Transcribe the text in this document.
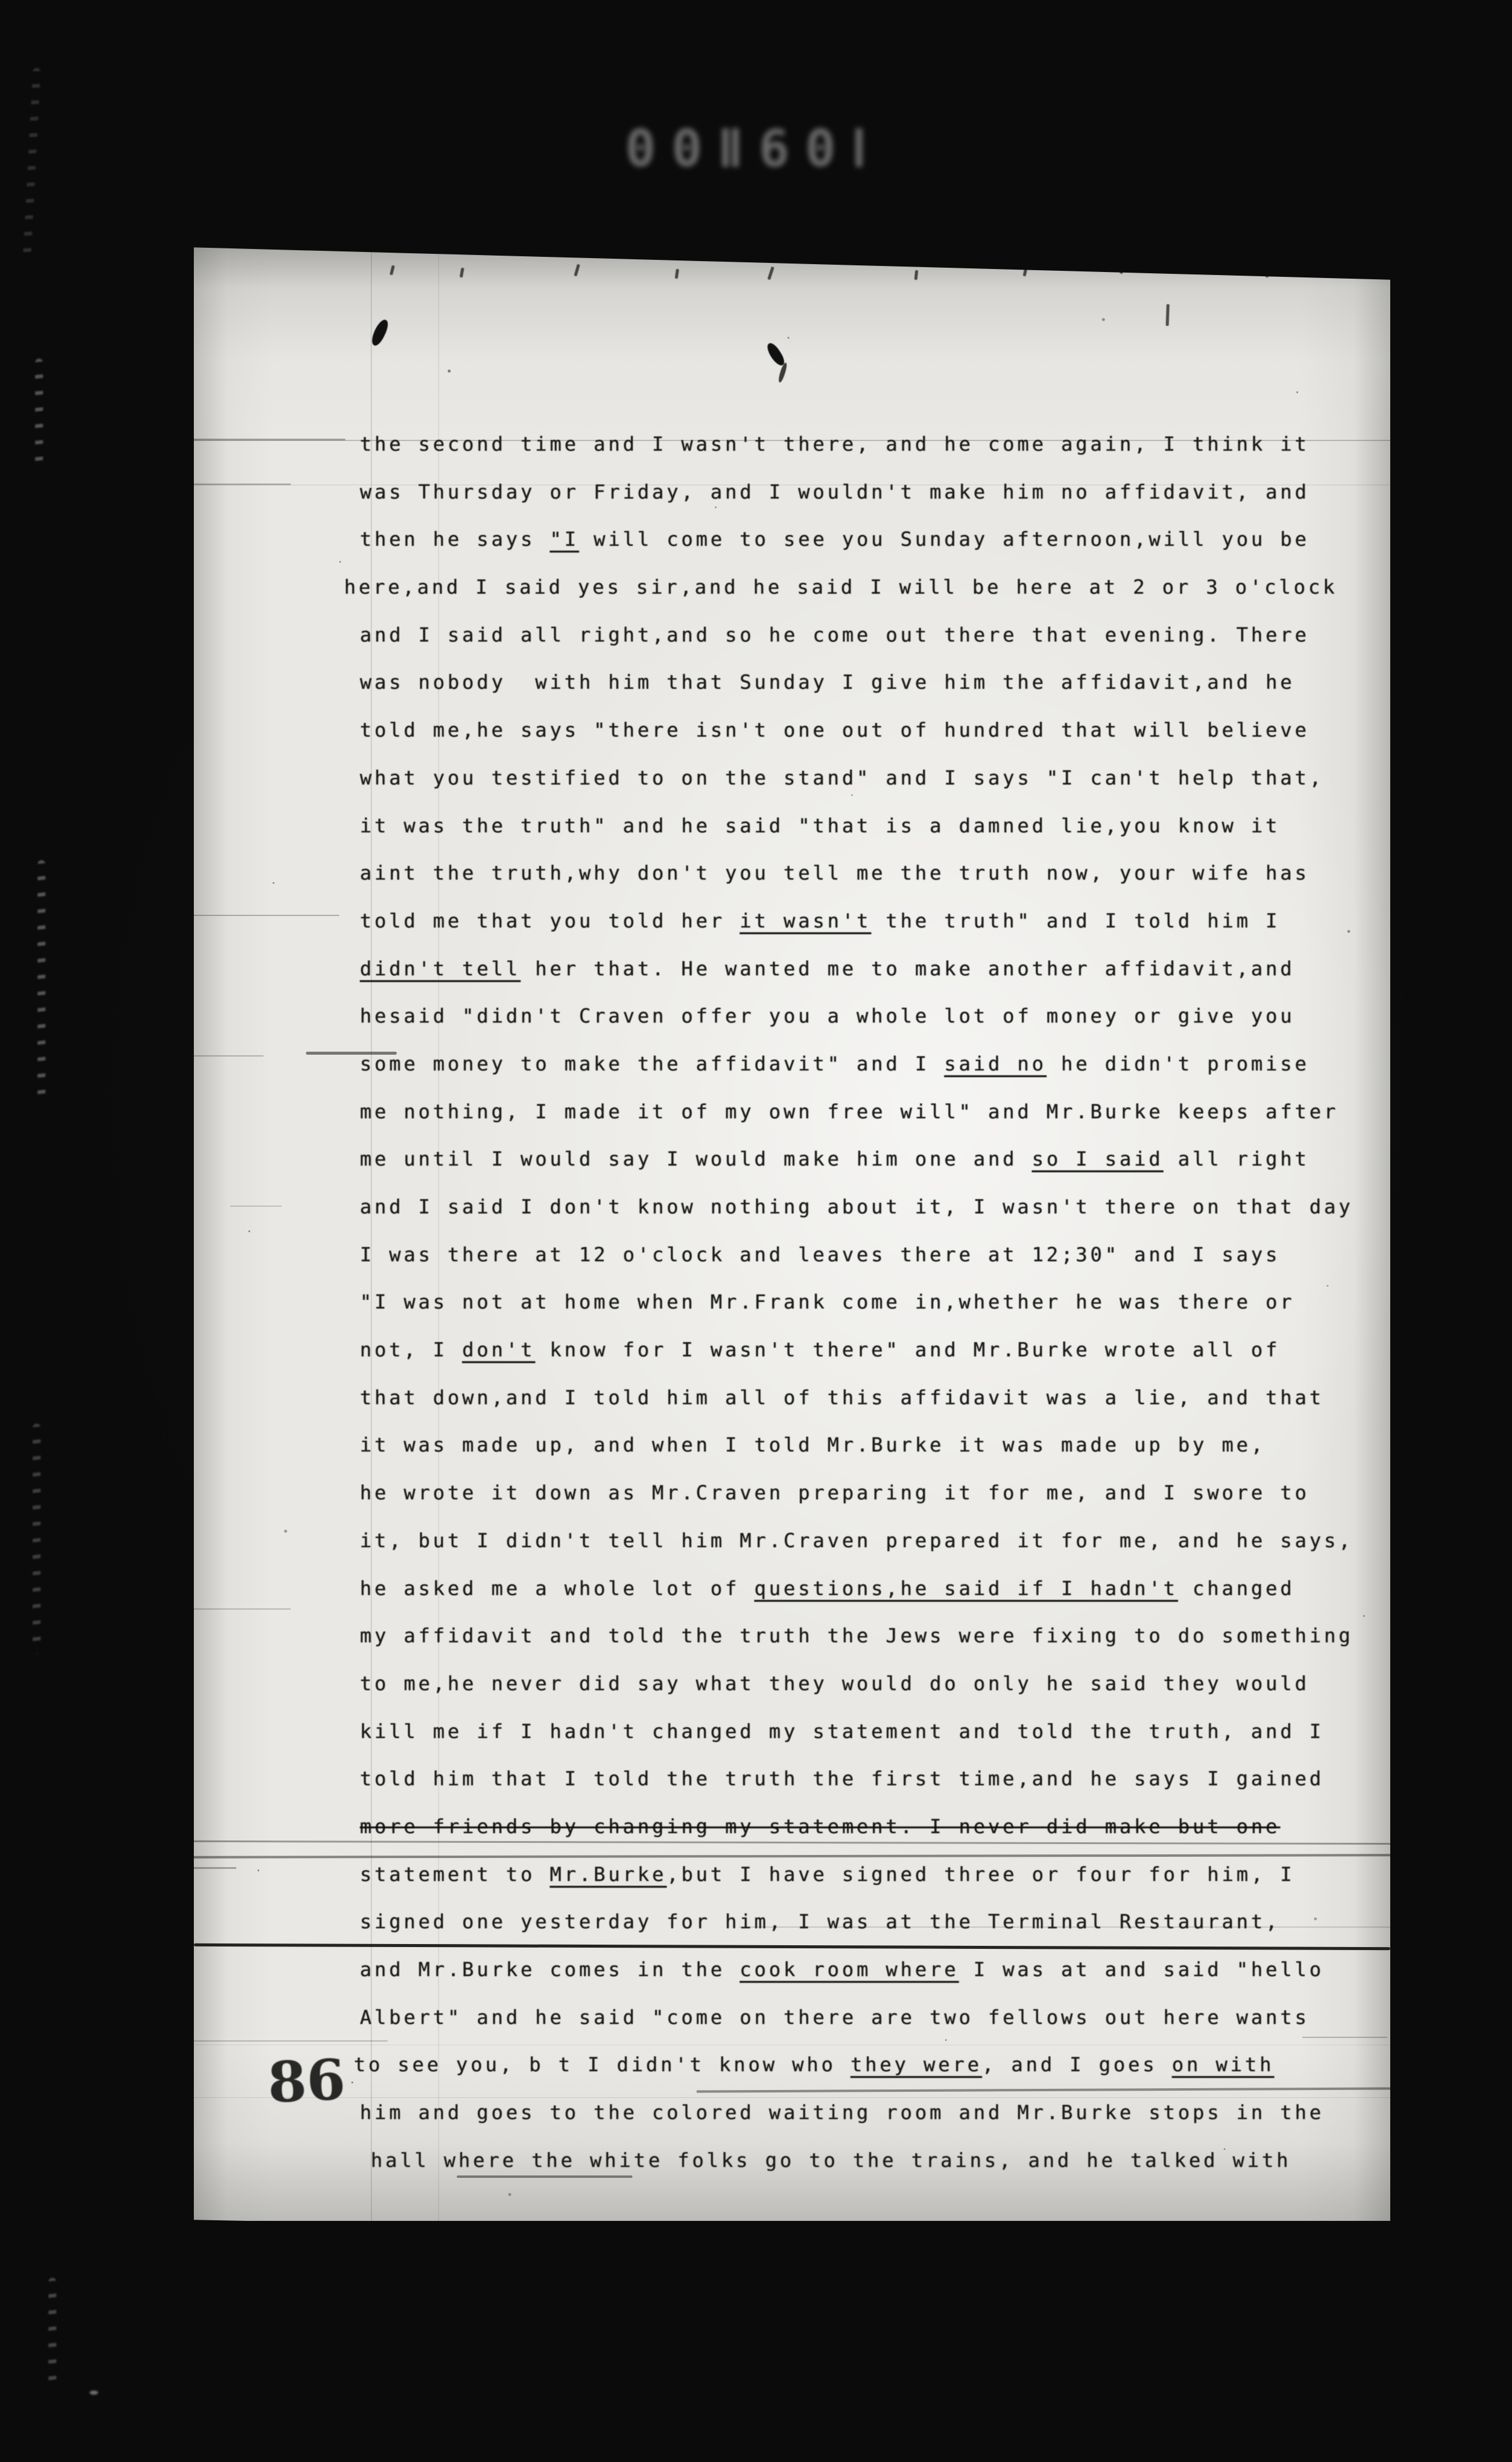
00Ⅱ60Ⅰ
the second time and I wasn't there, and he come again, I think it
was Thursday or Friday, and I wouldn't make him no affidavit, and
then he says "I will come to see you Sunday afternoon,will you be
here,and I said yes sir,and he said I will be here at 2 or 3 o'clock
and I said all right,and so he come out there that evening. There
was nobody  with him that Sunday I give him the affidavit,and he
told me,he says "there isn't one out of hundred that will believe
what you testified to on the stand" and I says "I can't help that,
it was the truth" and he said "that is a damned lie,you know it
aint the truth,why don't you tell me the truth now, your wife has
told me that you told her it wasn't the truth" and I told him I
didn't tell her that. He wanted me to make another affidavit,and
hesaid "didn't Craven offer you a whole lot of money or give you
some money to make the affidavit" and I said no he didn't promise
me nothing, I made it of my own free will" and Mr.Burke keeps after
me until I would say I would make him one and so I said all right
and I said I don't know nothing about it, I wasn't there on that day
I was there at 12 o'clock and leaves there at 12;30" and I says
"I was not at home when Mr.Frank come in,whether he was there or
not, I don't know for I wasn't there" and Mr.Burke wrote all of
that down,and I told him all of this affidavit was a lie, and that
it was made up, and when I told Mr.Burke it was made up by me,
he wrote it down as Mr.Craven preparing it for me, and I swore to
it, but I didn't tell him Mr.Craven prepared it for me, and he says,
he asked me a whole lot of questions,he said if I hadn't changed
my affidavit and told the truth the Jews were fixing to do something
to me,he never did say what they would do only he said they would
kill me if I hadn't changed my statement and told the truth, and I
told him that I told the truth the first time,and he says I gained
more friends by changing my statement. I never did make but one
statement to Mr.Burke,but I have signed three or four for him, I
signed one yesterday for him, I was at the Terminal Restaurant,
and Mr.Burke comes in the cook room where I was at and said "hello
Albert" and he said "come on there are two fellows out here wants
to see you, b t I didn't know who they were, and I goes on with
him and goes to the colored waiting room and Mr.Burke stops in the
hall where the white folks go to the trains, and he talked with
86
